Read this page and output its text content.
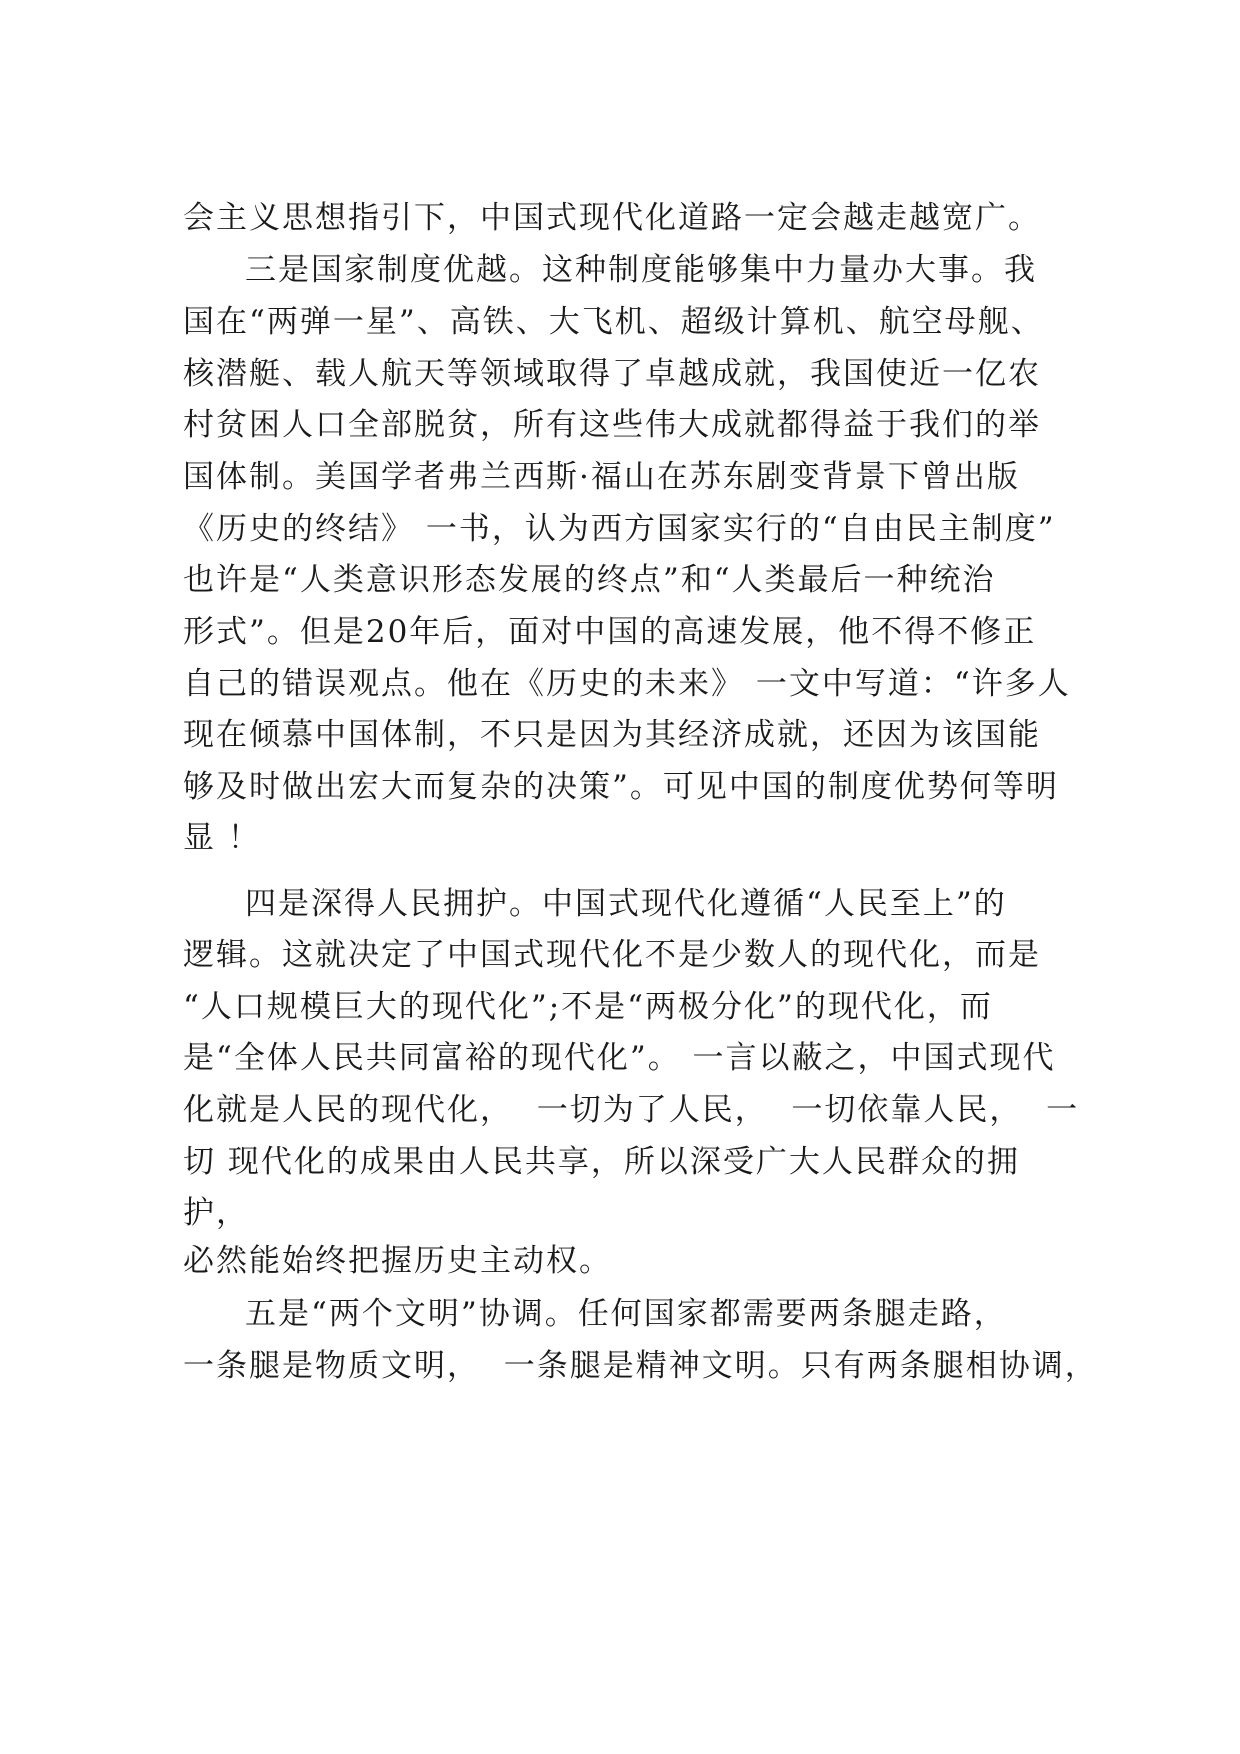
会主义思想指引下，中国式现代化道路一定会越走越宽广。
三是国家制度优越。这种制度能够集中力量办大事。我
国在“两弹一星”、高铁、大飞机、超级计算机、航空母舰、
核潜艇、载人航天等领域取得了卓越成就，我国使近一亿农
村贫困人口全部脱贫，所有这些伟大成就都得益于我们的举
国体制。美国学者弗兰西斯·福山在苏东剧变背景下曾出版
《历史的终结》 一书，认为西方国家实行的“自由民主制度”
也许是“人类意识形态发展的终点”和“人类最后一种统治
形式”。但是20年后，面对中国的高速发展，他不得不修正
自己的错误观点。他在《历史的未来》 一文中写道：“许多人
现在倾慕中国体制，不只是因为其经济成就，还因为该国能
够及时做出宏大而复杂的决策”。可见中国的制度优势何等明
显 ！
四是深得人民拥护。中国式现代化遵循“人民至上”的
逻辑。这就决定了中国式现代化不是少数人的现代化，而是
“人口规模巨大的现代化”;不是“两极分化”的现代化，而
是“全体人民共同富裕的现代化”。 一言以蔽之，中国式现代
化就是人民的现代化，  一切为了人民，  一切依靠人民，  一
切 现代化的成果由人民共享，所以深受广大人民群众的拥
护，
必然能始终把握历史主动权。
五是“两个文明”协调。任何国家都需要两条腿走路，
一条腿是物质文明，  一条腿是精神文明。只有两条腿相协调，
